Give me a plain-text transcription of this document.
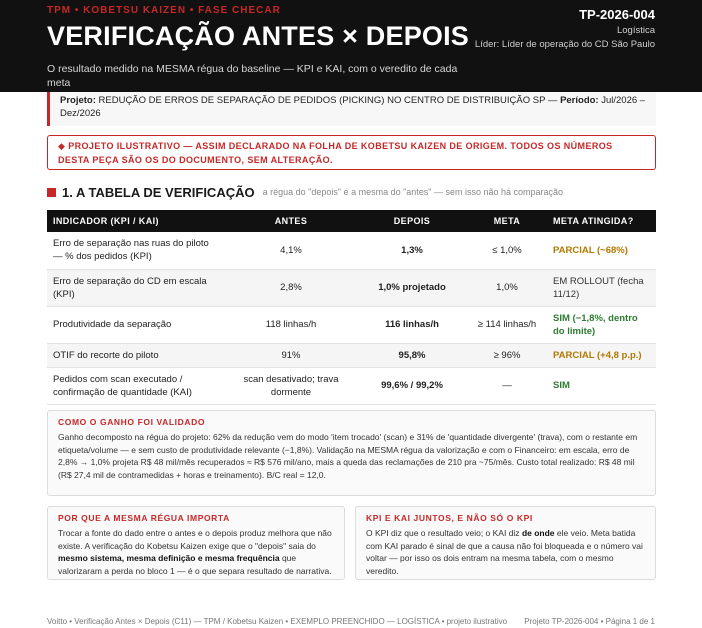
TPM • KOBETSU KAIZEN • FASE CHECAR
VERIFICAÇÃO ANTES × DEPOIS
O resultado medido na MESMA régua do baseline — KPI e KAI, com o veredito de cada meta
TP-2026-004
Logística
Líder: Líder de operação do CD São Paulo
Projeto: REDUÇÃO DE ERROS DE SEPARAÇÃO DE PEDIDOS (PICKING) NO CENTRO DE DISTRIBUIÇÃO SP — Período: Jul/2026 – Dez/2026
◆ PROJETO ILUSTRATIVO — ASSIM DECLARADO NA FOLHA DE KOBETSU KAIZEN DE ORIGEM. TODOS OS NÚMEROS DESTA PEÇA SÃO OS DO DOCUMENTO, SEM ALTERAÇÃO.
1. A TABELA DE VERIFICAÇÃO a régua do "depois" é a mesma do "antes" — sem isso não há comparação
INDICADOR (KPI / KAI)	ANTES	DEPOIS	META	META ATINGIDA?
Erro de separação nas ruas do piloto — % dos pedidos (KPI)	4,1%	1,3%	≤ 1,0%	PARCIAL (~68%)
Erro de separação do CD em escala (KPI)	2,8%	1,0% projetado	1,0%	EM ROLLOUT (fecha 11/12)
Produtividade da separação	118 linhas/h	116 linhas/h	≥ 114 linhas/h	SIM (−1,8%, dentro do limite)
OTIF do recorte do piloto	91%	95,8%	≥ 96%	PARCIAL (+4,8 p.p.)
Pedidos com scan executado / confirmação de quantidade (KAI)	scan desativado; trava dormente	99,6% / 99,2%	—	SIM
COMO O GANHO FOI VALIDADO
Ganho decomposto na régua do projeto: 62% da redução vem do modo 'item trocado' (scan) e 31% de 'quantidade divergente' (trava), com o restante em etiqueta/volume — e sem custo de produtividade relevante (−1,8%). Validação na MESMA régua da valorização e com o Financeiro: em escala, erro de 2,8% → 1,0% projeta R$ 48 mil/mês recuperados ≈ R$ 576 mil/ano, mais a queda das reclamações de 210 pra ~75/mês. Custo total realizado: R$ 48 mil (R$ 27,4 mil de contramedidas + horas e treinamento). B/C real = 12,0.
POR QUE A MESMA RÉGUA IMPORTA
Trocar a fonte do dado entre o antes e o depois produz melhora que não existe. A verificação do Kobetsu Kaizen exige que o "depois" saia do mesmo sistema, mesma definição e mesma frequência que valorizaram a perda no bloco 1 — é o que separa resultado de narrativa.
KPI E KAI JUNTOS, E NÃO SÓ O KPI
O KPI diz que o resultado veio; o KAI diz de onde ele veio. Meta batida com KAI parado é sinal de que a causa não foi bloqueada e o número vai voltar — por isso os dois entram na mesma tabela, com o mesmo veredito.
Voitto • Verificação Antes × Depois (C11) — TPM / Kobetsu Kaizen • EXEMPLO PREENCHIDO — LOGÍSTICA • projeto ilustrativo Projeto TP-2026-004 • Página 1 de 1
